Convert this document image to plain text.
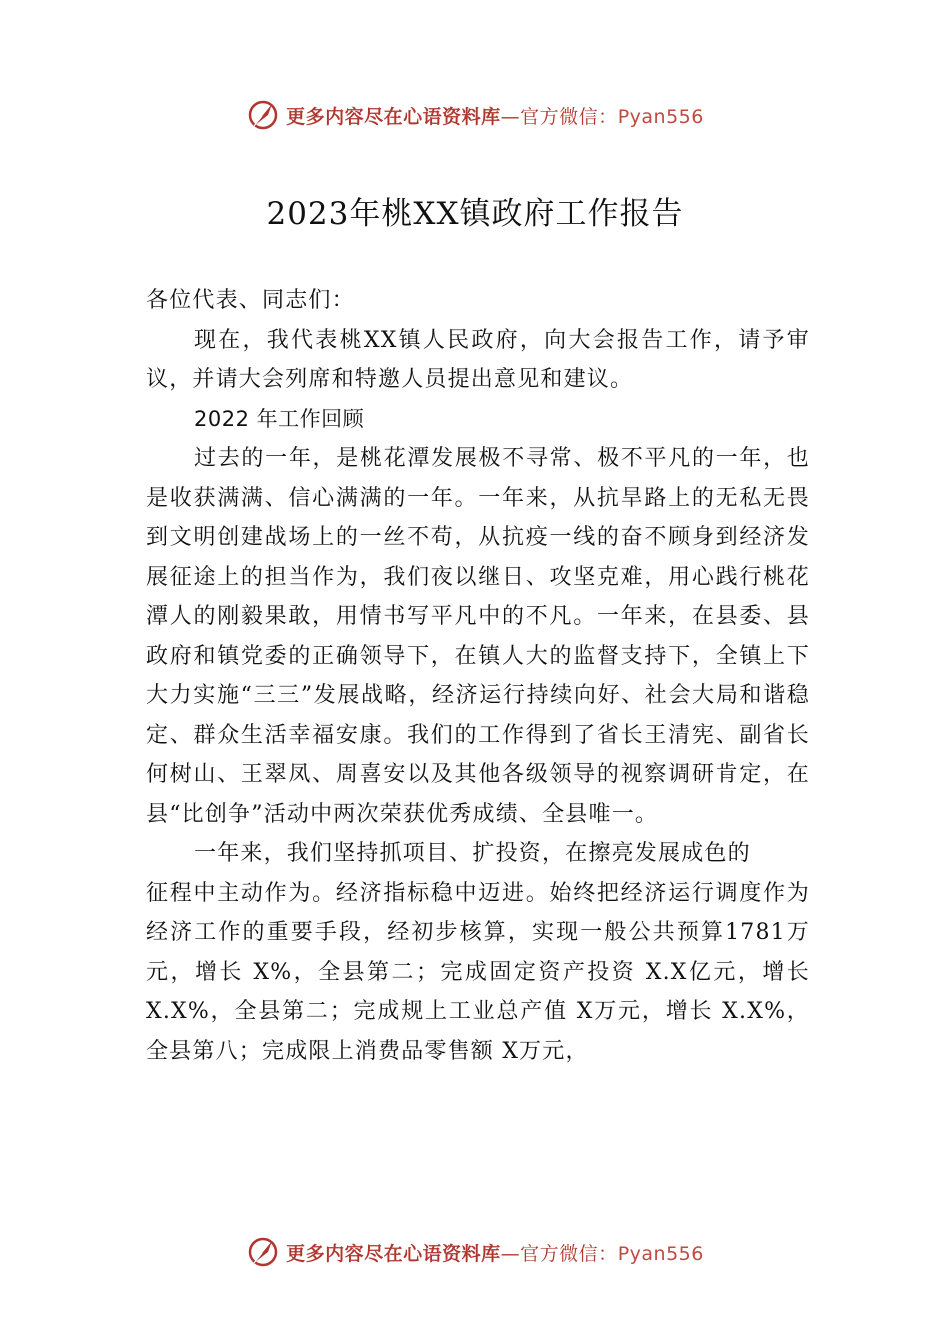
更多内容尽在心语资料库—官方微信：Pyan556
2023年桃XX镇政府工作报告

各位代表、同志们：

现在，我代表桃XX镇人民政府，向大会报告工作，请予审议，并请大会列席和特邀人员提出意见和建议。

2022 年工作回顾

过去的一年，是桃花潭发展极不寻常、极不平凡的一年，也是收获满满、信心满满的一年。一年来，从抗旱路上的无私无畏到文明创建战场上的一丝不苟，从抗疫一线的奋不顾身到经济发展征途上的担当作为，我们夜以继日、攻坚克难，用心践行桃花潭人的刚毅果敢，用情书写平凡中的不凡。一年来，在县委、县政府和镇党委的正确领导下，在镇人大的监督支持下，全镇上下大力实施“三三”发展战略，经济运行持续向好、社会大局和谐稳定、群众生活幸福安康。我们的工作得到了省长王清宪、副省长何树山、王翠凤、周喜安以及其他各级领导的视察调研肯定，在县“比创争”活动中两次荣获优秀成绩、全县唯一。

一年来，我们坚持抓项目、扩投资，在擦亮发展成色的

征程中主动作为。经济指标稳中迈进。始终把经济运行调度作为经济工作的重要手段，经初步核算，实现一般公共预算1781万元，增长 X%，全县第二；完成固定资产投资 X.X亿元，增长 X.X%，全县第二；完成规上工业总产值 X万元，增长 X.X%，全县第八；完成限上消费品零售额 X万元，

更多内容尽在心语资料库—官方微信：Pyan556
